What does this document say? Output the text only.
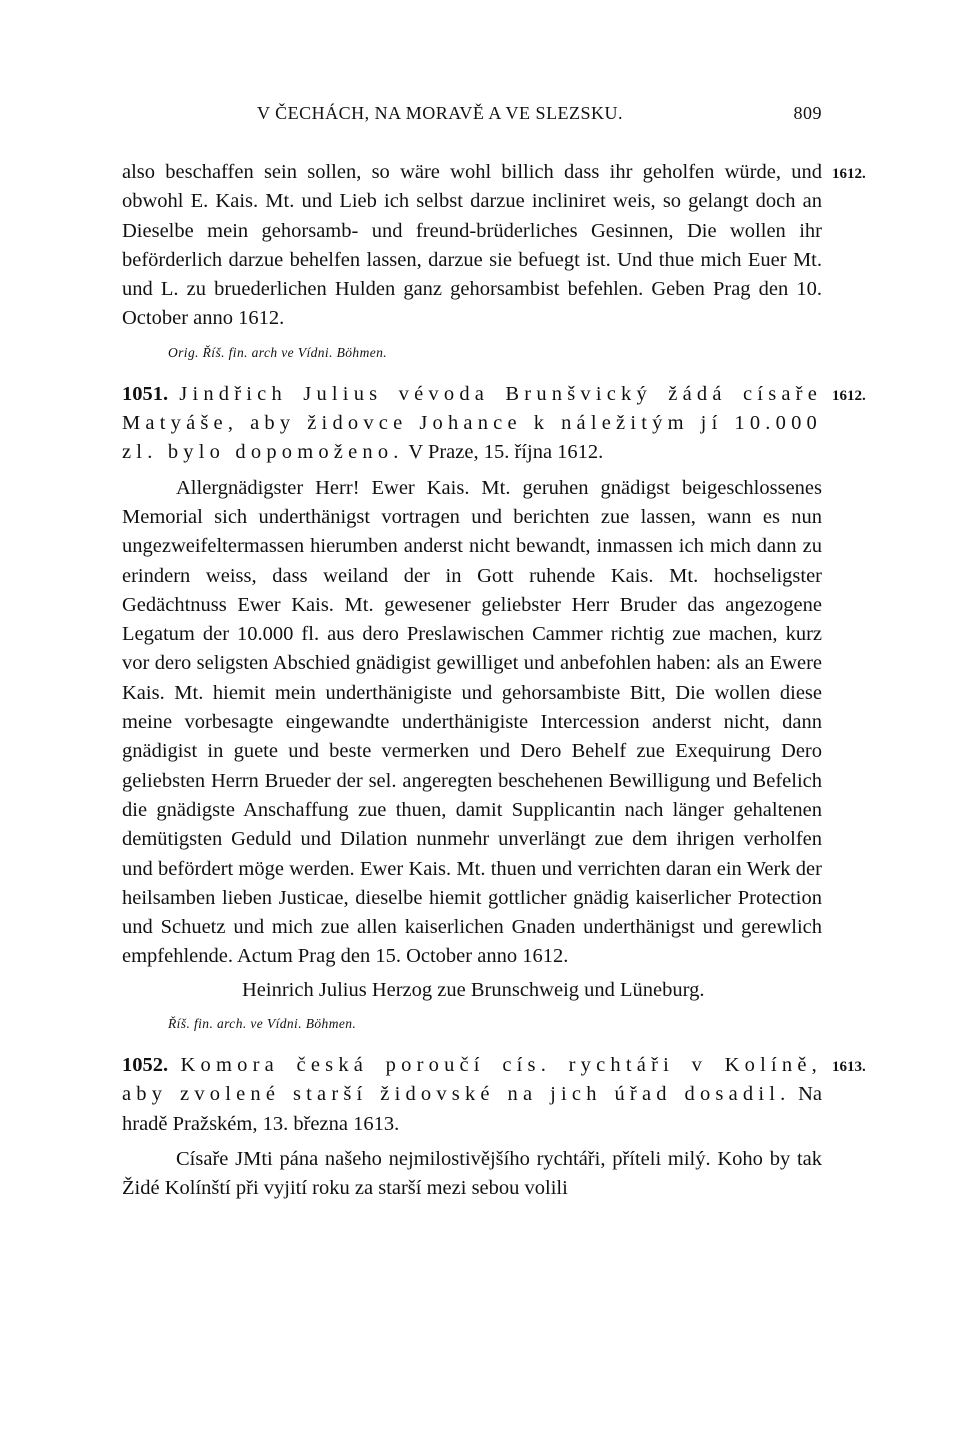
V ČECHÁCH, NA MORAVĚ A VE SLEZSKU.	809

1612.
also beschaffen sein sollen, so wäre wohl billich dass ihr geholfen würde, und obwohl E. Kais. Mt. und Lieb ich selbst darzue incliniret weis, so gelangt doch an Dieselbe mein gehorsamb- und freund-brüderliches Gesinnen, Die wollen ihr beförderlich darzue behelfen lassen, darzue sie befuegt ist. Und thue mich Euer Mt. und L. zu bruederlichen Hulden ganz gehorsambist befehlen. Geben Prag den 10. October anno 1612.

Orig. Říš. fin. arch ve Vídni. Böhmen.

1612.
1051. Jindřich Julius vévoda Brunšvický žádá císaře Matyáše, aby židovce Johance k náležitým jí 10.000 zl. bylo dopomoženo. V Praze, 15. října 1612.

Allergnädigster Herr! Ewer Kais. Mt. geruhen gnädigst beigeschlossenes Memorial sich underthänigst vortragen und berichten zue lassen, wann es nun ungezweifeltermassen hierumben anderst nicht bewandt, inmassen ich mich dann zu erindern weiss, dass weiland der in Gott ruhende Kais. Mt. hochseligster Gedächtnuss Ewer Kais. Mt. gewesener geliebster Herr Bruder das angezogene Legatum der 10.000 fl. aus dero Preslawischen Cammer richtig zue machen, kurz vor dero seligsten Abschied gnädigist gewilliget und anbefohlen haben: als an Ewere Kais. Mt. hiemit mein underthänigiste und gehorsambiste Bitt, Die wollen diese meine vorbesagte eingewandte underthänigiste Intercession anderst nicht, dann gnädigist in guete und beste vermerken und Dero Behelf zue Exequirung Dero geliebsten Herrn Brueder der sel. angeregten beschehenen Bewilligung und Befelich die gnädigste Anschaffung zue thuen, damit Supplicantin nach länger gehaltenen demütigsten Geduld und Dilation nunmehr unverlängt zue dem ihrigen verholfen und befördert möge werden. Ewer Kais. Mt. thuen und verrichten daran ein Werk der heilsamben lieben Justicae, dieselbe hiemit gottlicher gnädig kaiserlicher Protection und Schuetz und mich zue allen kaiserlichen Gnaden underthänigst und gerewlich empfehlende. Actum Prag den 15. October anno 1612.

Heinrich Julius Herzog zue Brunschweig und Lüneburg.

Říš. fin. arch. ve Vídni. Böhmen.

1613.
1052. Komora česká poroučí cís. rychtáři v Kolíně, aby zvolené starší židovské na jich úřad dosadil. Na hradě Pražském, 13. března 1613.

Císaře JMti pána našeho nejmilostivějšího rychtáři, příteli milý. Koho by tak Židé Kolínští při vyjití roku za starší mezi sebou volili
